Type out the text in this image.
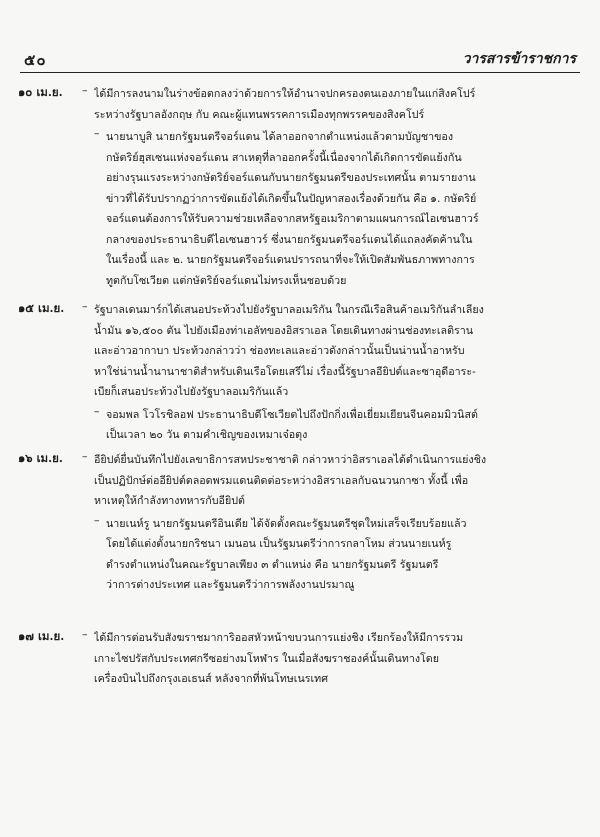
๕๐	วารสารข้าราชการ
๑๐ เม.ย.	– ได้มีการลงนามในร่างข้อตกลงว่าด้วยการให้อำนาจปกครองตนเองภายในแก่สิงคโปร์
ระหว่างรัฐบาลอังกฤษ กับ คณะผู้แทนพรรคการเมืองทุกพรรคของสิงคโปร์
– นายนาบูสิ นายกรัฐมนตรีจอร์แดน ได้ลาออกจากตำแหน่งแล้วตามบัญชาของ
กษัตริย์ฮุสเซนแห่งจอร์แดน สาเหตุที่ลาออกครั้งนี้เนื่องจากได้เกิดการขัดแย้งกัน
อย่างรุนแรงระหว่างกษัตริย์จอร์แดนกับนายกรัฐมนตรีของประเทศนั้น ตามรายงาน
ข่าวที่ได้รับปรากฏว่าการขัดแย้งได้เกิดขึ้นในปัญหาสองเรื่องด้วยกัน คือ ๑. กษัตริย์
จอร์แดนต้องการให้รับความช่วยเหลือจากสหรัฐอเมริกาตามแผนการณ์ไอเซนฮาวร์
กลางของประธานาธิบดีไอเซนฮาวร์ ซึ่งนายกรัฐมนตรีจอร์แดนได้แถลงคัดค้านใน
ในเรื่องนี้ และ ๒. นายกรัฐมนตรีจอร์แดนปรารถนาที่จะให้เปิดสัมพันธภาพทางการ
ทูตกับโซเวียต แต่กษัตริย์จอร์แดนไม่ทรงเห็นชอบด้วย
๑๕ เม.ย.	– รัฐบาลเดนมาร์กได้เสนอประท้วงไปยังรัฐบาลอเมริกัน ในกรณีเรือสินค้าอเมริกันลำเลียง
น้ำมัน ๑๖,๕๐๐ ตัน ไปยังเมืองท่าเอลัทของอิสราเอล โดยเดินทางผ่านช่องทะเลติราน
และอ่าวอากาบา ประท้วงกล่าวว่า ช่องทะเลและอ่าวดังกล่าวนั้นเป็นน่านน้ำอาหรับ
หาใช่น่านน้ำนานาชาติสำหรับเดินเรือโดยเสรีไม่ เรื่องนี้รัฐบาลอียิปต์และซาอุดีอาระ-
เบียก็เสนอประท้วงไปยังรัฐบาลอเมริกันแล้ว
– จอมพล โวโรชิลอฟ ประธานาธิบดีโซเวียตไปถึงปักกิ่งเพื่อเยี่ยมเยียนจีนคอมมิวนิสต์
เป็นเวลา ๒๐ วัน ตามคำเชิญของเหมาเจ๋อตุง
๑๖ เม.ย.	– อียิปต์ยื่นบันทึกไปยังเลขาธิการสหประชาชาติ กล่าวหาว่าอิสราเอลได้ดำเนินการแย่งชิง
เป็นปฏิปักษ์ต่ออียิปต์ตลอดพรมแดนติดต่อระหว่างอิสราเอลกับฉนวนกาซา ทั้งนี้ เพื่อ
หาเหตุให้กำลังทางทหารกับอียิปต์
– นายเนห์รู นายกรัฐมนตรีอินเดีย ได้จัดตั้งคณะรัฐมนตรีชุดใหม่เสร็จเรียบร้อยแล้ว
โดยได้แต่งตั้งนายกริชนา เมนอน เป็นรัฐมนตรีว่าการกลาโหม ส่วนนายเนห์รู
ดำรงตำแหน่งในคณะรัฐบาลเพียง ๓ ตำแหน่ง คือ นายกรัฐมนตรี รัฐมนตรี
ว่าการต่างประเทศ และรัฐมนตรีว่าการพลังงานปรมาณู
๑๗ เม.ย.	– ได้มีการต่อนรับสังฆราชมาการิออสหัวหน้าขบวนการแย่งชิง เรียกร้องให้มีการรวม
เกาะไซปรัสกับประเทศกรีซอย่างมโหฬาร ในเมื่อสังฆราชองค์นั้นเดินทางโดย
เครื่องบินไปถึงกรุงเอเธนส์ หลังจากที่พ้นโทษเนรเทศ
